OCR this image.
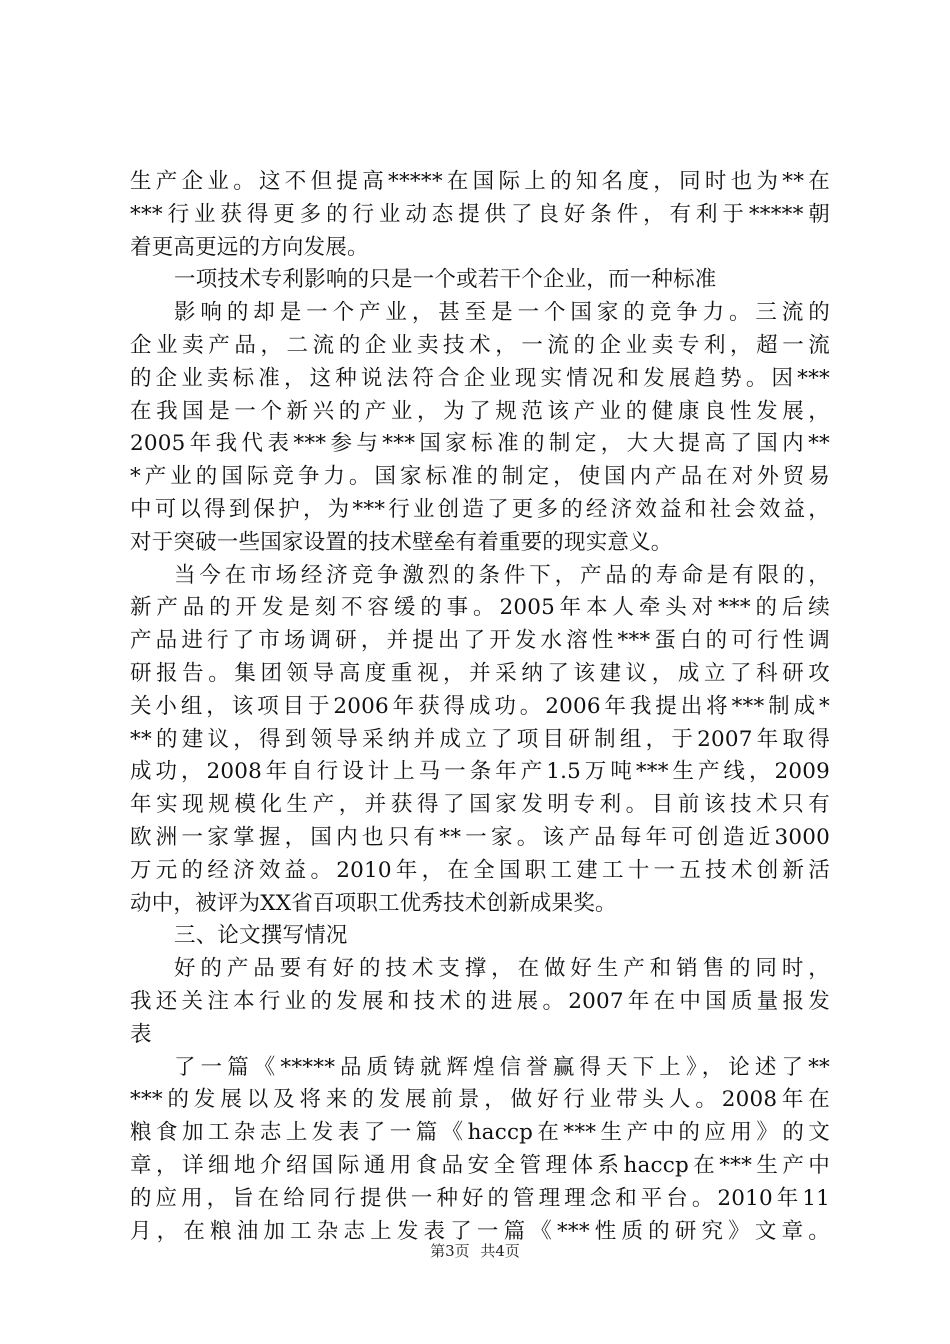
生产企业。这不但提高*****在国际上的知名度，同时也为**在
***行业获得更多的行业动态提供了良好条件，有利于*****朝
着更高更远的方向发展。
一项技术专利影响的只是一个或若干个企业，而一种标准
影响的却是一个产业，甚至是一个国家的竞争力。三流的
企业卖产品，二流的企业卖技术，一流的企业卖专利，超一流
的企业卖标准，这种说法符合企业现实情况和发展趋势。因***
在我国是一个新兴的产业，为了规范该产业的健康良性发展，
2005年我代表***参与***国家标准的制定，大大提高了国内**
*产业的国际竞争力。国家标准的制定，使国内产品在对外贸易
中可以得到保护，为***行业创造了更多的经济效益和社会效益，
对于突破一些国家设置的技术壁垒有着重要的现实意义。
当今在市场经济竞争激烈的条件下，产品的寿命是有限的，
新产品的开发是刻不容缓的事。2005年本人牵头对***的后续
产品进行了市场调研，并提出了开发水溶性***蛋白的可行性调
研报告。集团领导高度重视，并采纳了该建议，成立了科研攻
关小组，该项目于2006年获得成功。2006年我提出将***制成*
**的建议，得到领导采纳并成立了项目研制组，于2007年取得
成功，2008年自行设计上马一条年产1.5万吨***生产线，2009
年实现规模化生产，并获得了国家发明专利。目前该技术只有
欧洲一家掌握，国内也只有**一家。该产品每年可创造近3000
万元的经济效益。2010年，在全国职工建工十一五技术创新活
动中，被评为XX省百项职工优秀技术创新成果奖。
三、论文撰写情况
好的产品要有好的技术支撑，在做好生产和销售的同时，
我还关注本行业的发展和技术的进展。2007年在中国质量报发
表
了一篇《*****品质铸就辉煌信誉赢得天下上》，论述了**
***的发展以及将来的发展前景，做好行业带头人。2008年在
粮食加工杂志上发表了一篇《haccp在***生产中的应用》的文
章，详细地介绍国际通用食品安全管理体系haccp在***生产中
的应用，旨在给同行提供一种好的管理理念和平台。2010年11
月，在粮油加工杂志上发表了一篇《***性质的研究》文章。
第3页 共4页
